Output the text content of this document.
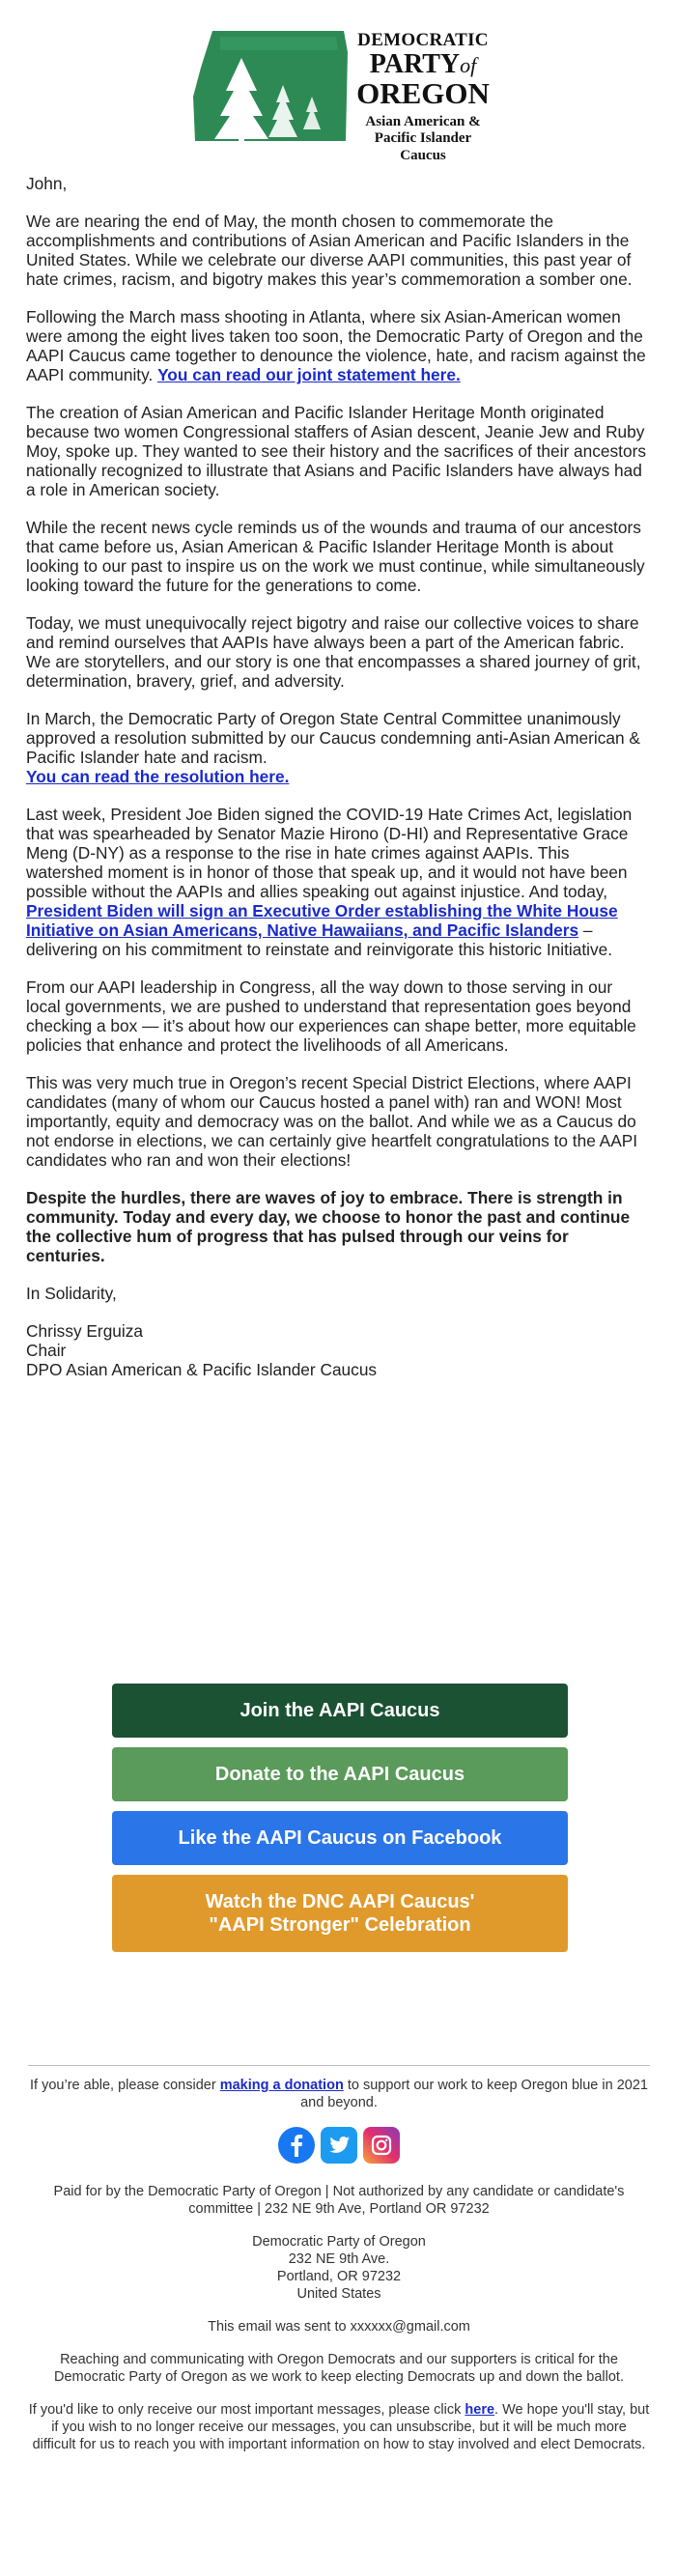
DEMOCRATIC
PARTYof
OREGON
Asian American &
Pacific Islander Caucus

John,

We are nearing the end of May, the month chosen to commemorate the accomplishments and contributions of Asian American and Pacific Islanders in the United States. While we celebrate our diverse AAPI communities, this past year of hate crimes, racism, and bigotry makes this year’s commemoration a somber one.

Following the March mass shooting in Atlanta, where six Asian-American women were among the eight lives taken too soon, the Democratic Party of Oregon and the AAPI Caucus came together to denounce the violence, hate, and racism against the AAPI community. You can read our joint statement here.

The creation of Asian American and Pacific Islander Heritage Month originated because two women Congressional staffers of Asian descent, Jeanie Jew and Ruby Moy, spoke up. They wanted to see their history and the sacrifices of their ancestors nationally recognized to illustrate that Asians and Pacific Islanders have always had a role in American society.

While the recent news cycle reminds us of the wounds and trauma of our ancestors that came before us, Asian American & Pacific Islander Heritage Month is about looking to our past to inspire us on the work we must continue, while simultaneously looking toward the future for the generations to come.

Today, we must unequivocally reject bigotry and raise our collective voices to share and remind ourselves that AAPIs have always been a part of the American fabric. We are storytellers, and our story is one that encompasses a shared journey of grit, determination, bravery, grief, and adversity.

In March, the Democratic Party of Oregon State Central Committee unanimously approved a resolution submitted by our Caucus condemning anti-Asian American & Pacific Islander hate and racism.
You can read the resolution here.

Last week, President Joe Biden signed the COVID-19 Hate Crimes Act, legislation that was spearheaded by Senator Mazie Hirono (D-HI) and Representative Grace Meng (D-NY) as a response to the rise in hate crimes against AAPIs. This watershed moment is in honor of those that speak up, and it would not have been possible without the AAPIs and allies speaking out against injustice. And today, President Biden will sign an Executive Order establishing the White House Initiative on Asian Americans, Native Hawaiians, and Pacific Islanders – delivering on his commitment to reinstate and reinvigorate this historic Initiative.

From our AAPI leadership in Congress, all the way down to those serving in our local governments, we are pushed to understand that representation goes beyond checking a box — it’s about how our experiences can shape better, more equitable policies that enhance and protect the livelihoods of all Americans.

This was very much true in Oregon’s recent Special District Elections, where AAPI candidates (many of whom our Caucus hosted a panel with) ran and WON! Most importantly, equity and democracy was on the ballot. And while we as a Caucus do not endorse in elections, we can certainly give heartfelt congratulations to the AAPI candidates who ran and won their elections!

Despite the hurdles, there are waves of joy to embrace. There is strength in community. Today and every day, we choose to honor the past and continue the collective hum of progress that has pulsed through our veins for centuries.

In Solidarity,

Chrissy Erguiza

Chair

DPO Asian American & Pacific Islander Caucus

Join the AAPI Caucus
Donate to the AAPI Caucus
Like the AAPI Caucus on Facebook
Watch the DNC AAPI Caucus'
"AAPI Stronger" Celebration

If you’re able, please consider making a donation to support our work to keep Oregon blue in 2021 and beyond.

Paid for by the Democratic Party of Oregon | Not authorized by any candidate or candidate's committee | 232 NE 9th Ave, Portland OR 97232

Democratic Party of Oregon

232 NE 9th Ave.

Portland, OR 97232

United States

This email was sent to xxxxxx@gmail.com

Reaching and communicating with Oregon Democrats and our supporters is critical for the Democratic Party of Oregon as we work to keep electing Democrats up and down the ballot.

If you'd like to only receive our most important messages, please click here. We hope you'll stay, but if you wish to no longer receive our messages, you can unsubscribe, but it will be much more difficult for us to reach you with important information on how to stay involved and elect Democrats.
